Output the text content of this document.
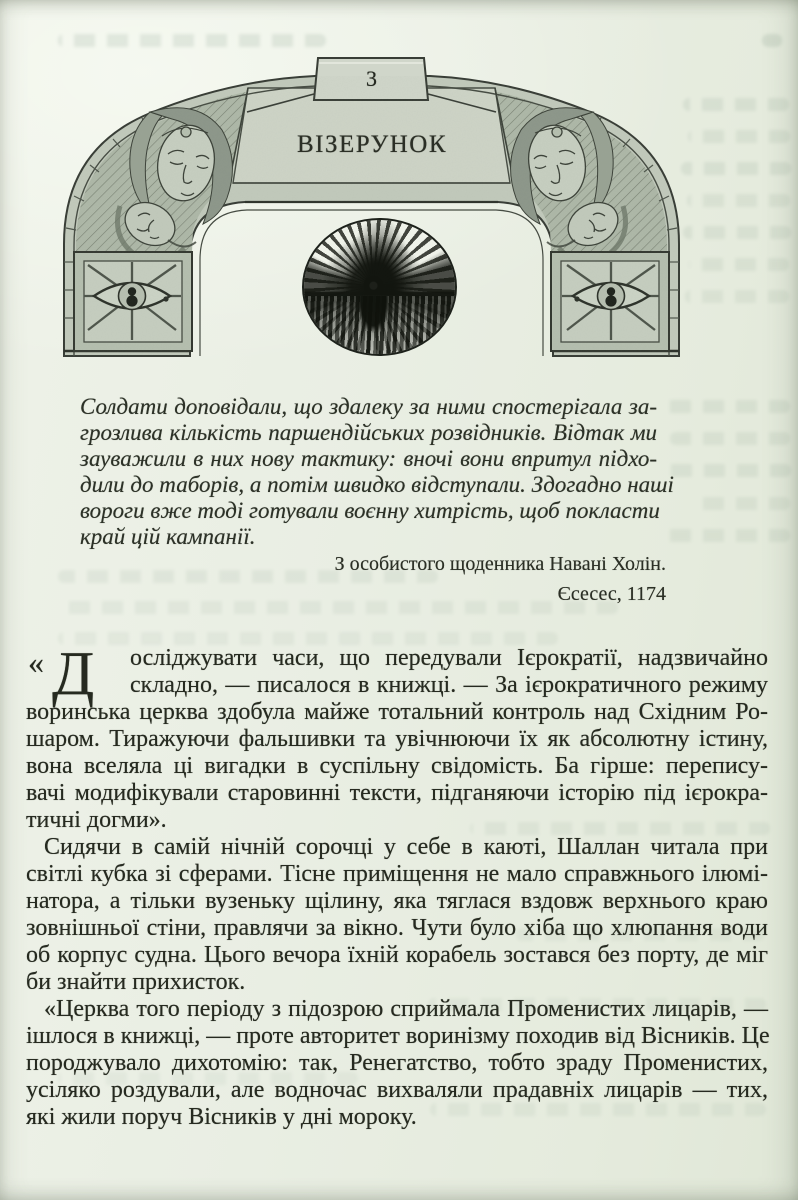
3
ВІЗЕРУНОК
Солдати доповідали, що здалеку за ними спостерігала за-
грозлива кількість паршендійських розвідників. Відтак ми
зауважили в них нову тактику: вночі вони впритул підхо-
дили до таборів, а потім швидко відступали. Здогадно наші
вороги вже тоді готували воєнну хитрість, щоб покласти
край цій кампанії.
З особистого щоденника Навані Холін.
Єсесес, 1174
« Д осліджувати часи, що передували Ієрократії, надзвичайно
складно, — писалося в книжці. — За ієрократичного режиму
воринська церква здобула майже тотальний контроль над Східним Ро-
шаром. Тиражуючи фальшивки та увічнюючи їх як абсолютну істину,
вона вселяла ці вигадки в суспільну свідомість. Ба гірше: перепису-
вачі модифікували старовинні тексти, підганяючи історію під ієрокра-
тичні догми».
Сидячи в самій нічній сорочці у себе в каюті, Шаллан читала при
світлі кубка зі сферами. Тісне приміщення не мало справжнього ілюмі-
натора, а тільки вузеньку щілину, яка тяглася вздовж верхнього краю
зовнішньої стіни, правлячи за вікно. Чути було хіба що хлюпання води
об корпус судна. Цього вечора їхній корабель зостався без порту, де міг
би знайти прихисток.
«Церква того періоду з підозрою сприймала Променистих лицарів, —
ішлося в книжці, — проте авторитет воринізму походив від Вісників. Це
породжувало дихотомію: так, Ренегатство, тобто зраду Променистих,
усіляко роздували, але водночас вихваляли прадавніх лицарів — тих,
які жили поруч Вісників у дні мороку.
